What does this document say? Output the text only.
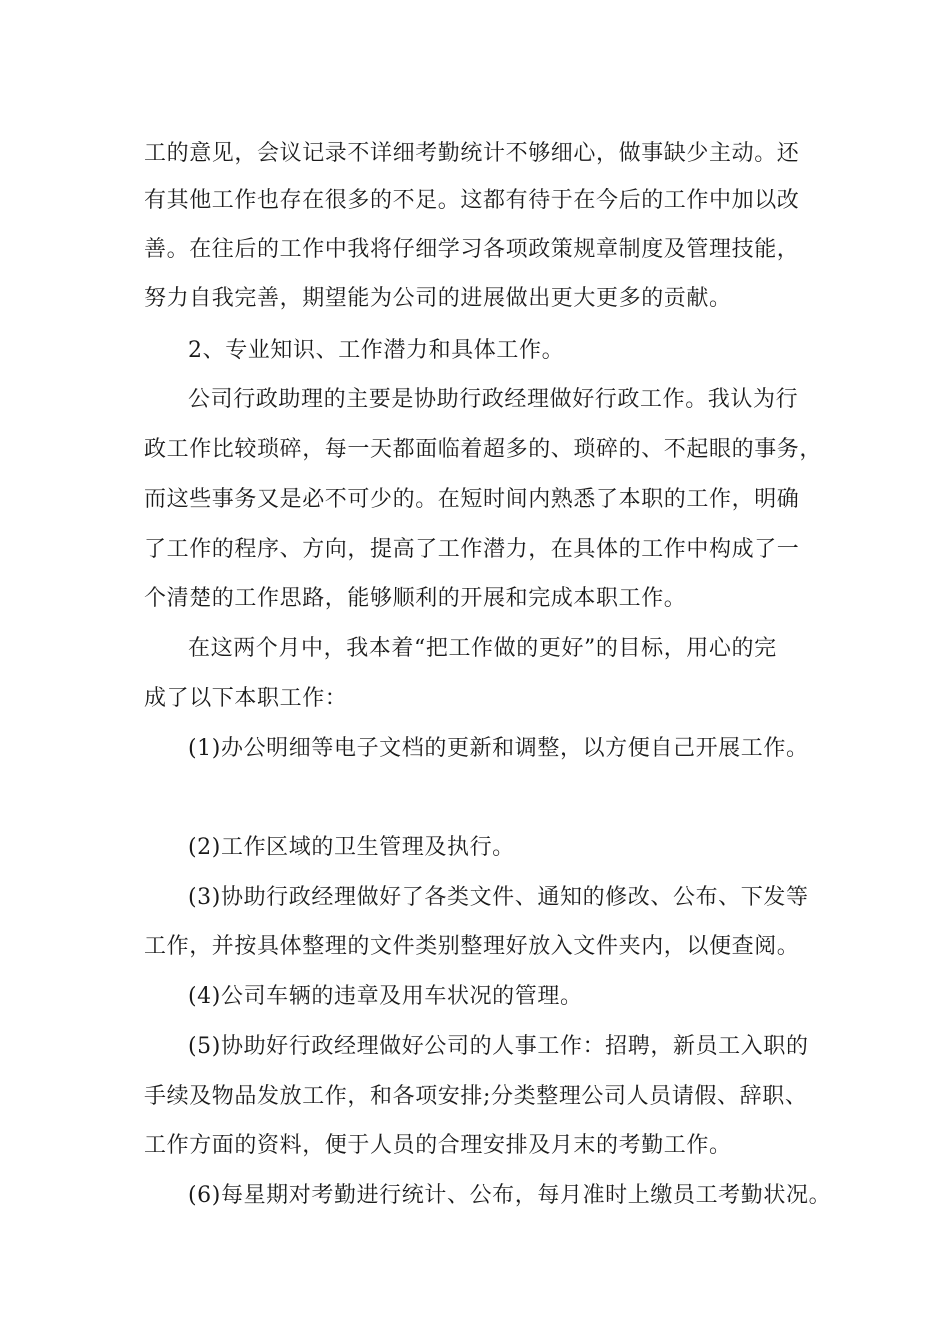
工的意见，会议记录不详细考勤统计不够细心，做事缺少主动。还
有其他工作也存在很多的不足。这都有待于在今后的工作中加以改
善。在往后的工作中我将仔细学习各项政策规章制度及管理技能，
努力自我完善，期望能为公司的进展做出更大更多的贡献。
2、专业知识、工作潜力和具体工作。
公司行政助理的主要是协助行政经理做好行政工作。我认为行
政工作比较琐碎，每一天都面临着超多的、琐碎的、不起眼的事务，
而这些事务又是必不可少的。在短时间内熟悉了本职的工作，明确
了工作的程序、方向，提高了工作潜力，在具体的工作中构成了一
个清楚的工作思路，能够顺利的开展和完成本职工作。
在这两个月中，我本着“把工作做的更好”的目标，用心的完
成了以下本职工作：
(1)办公明细等电子文档的更新和调整，以方便自己开展工作。
(2)工作区域的卫生管理及执行。
(3)协助行政经理做好了各类文件、通知的修改、公布、下发等
工作，并按具体整理的文件类别整理好放入文件夹内，以便查阅。
(4)公司车辆的违章及用车状况的管理。
(5)协助好行政经理做好公司的人事工作：招聘，新员工入职的
手续及物品发放工作，和各项安排;分类整理公司人员请假、辞职、
工作方面的资料，便于人员的合理安排及月末的考勤工作。
(6)每星期对考勤进行统计、公布，每月准时上缴员工考勤状况。
